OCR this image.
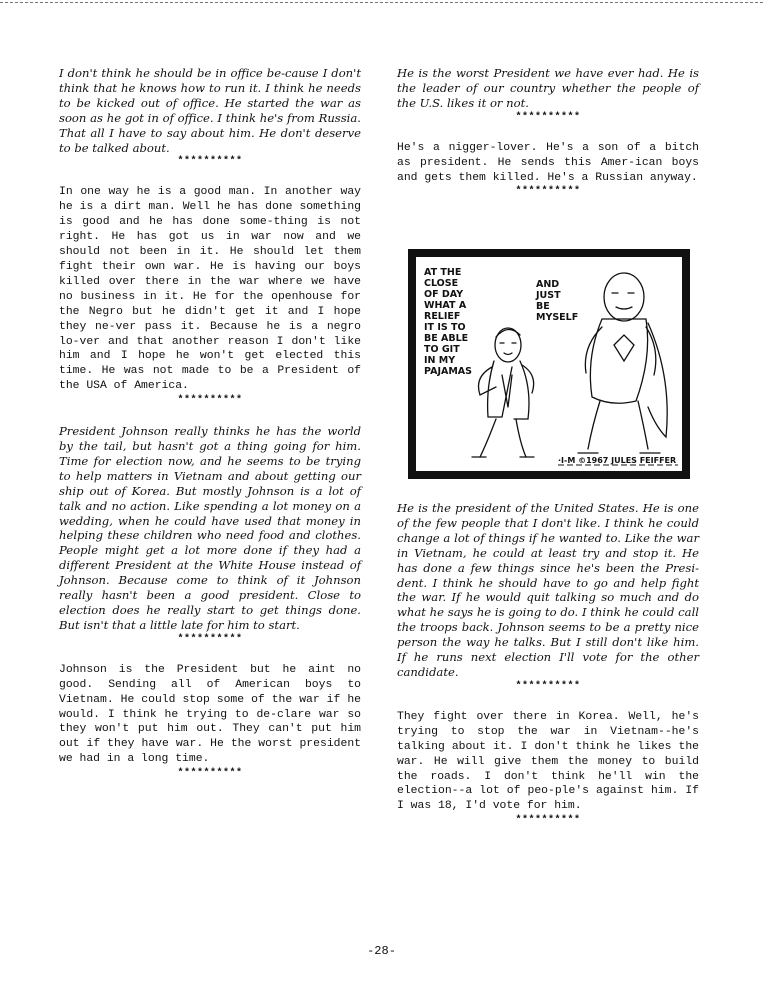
I don't think he should be in office be-cause I don't think that he knows how to run it. I think he needs to be kicked out of office. He started the war as soon as he got in of office. I think he's from Russia. That all I have to say about him. He don't deserve to be talked about.

**********

In one way he is a good man. In another way he is a dirt man. Well he has done something is good and he has done some-thing is not right. He has got us in war now and we should not been in it. He should let them fight their own war. He is having our boys killed over there in the war where we have no business in it. He for the openhouse for the Negro but he didn't get it and I hope they ne-ver pass it. Because he is a negro lo-ver and that another reason I don't like him and I hope he won't get elected this time. He was not made to be a President of the USA of America.

**********

President Johnson really thinks he has the world by the tail, but hasn't got a thing going for him. Time for election now, and he seems to be trying to help matters in Vietnam and about getting our ship out of Korea. But mostly Johnson is a lot of talk and no action. Like spending a lot money on a wedding, when he could have used that money in helping these children who need food and clothes. People might get a lot more done if they had a different President at the White House instead of Johnson. Because come to think of it Johnson really hasn't been a good president. Close to election does he really start to get things done. But isn't that a little late for him to start.

**********

Johnson is the President but he aint no good. Sending all of American boys to Vietnam. He could stop some of the war if he would. I think he trying to de-clare war so they won't put him out. They can't put him out if they have war. He the worst president we had in a long time.

**********

He is the worst President we have ever had. He is the leader of our country whether the people of the U.S. likes it or not.

**********

He's a nigger-lover. He's a son of a bitch as president. He sends this Amer-ican boys and gets them killed. He's a Russian anyway.

**********
AT THE
CLOSE
OF DAY
WHAT A
RELIEF
IT IS TO
BE ABLE
TO GIT
IN MY
PAJAMAS
AND
JUST
BE
MYSELF
·I-M ©1967 JULES FEIFFER

He is the president of the United States. He is one of the few people that I don't like. I think he could change a lot of things if he wanted to. Like the war in Vietnam, he could at least try and stop it. He has done a few things since he's been the Presi-dent. I think he should have to go and help fight the war. If he would quit talking so much and do what he says he is going to do. I think he could call the troops back. Johnson seems to be a pretty nice person the way he talks. But I still don't like him. If he runs next election I'll vote for the other candidate.

**********

They fight over there in Korea. Well, he's trying to stop the war in Vietnam--he's talking about it. I don't think he likes the war. He will give them the money to build the roads. I don't think he'll win the election--a lot of peo-ple's against him. If I was 18, I'd vote for him.

**********
-28-
